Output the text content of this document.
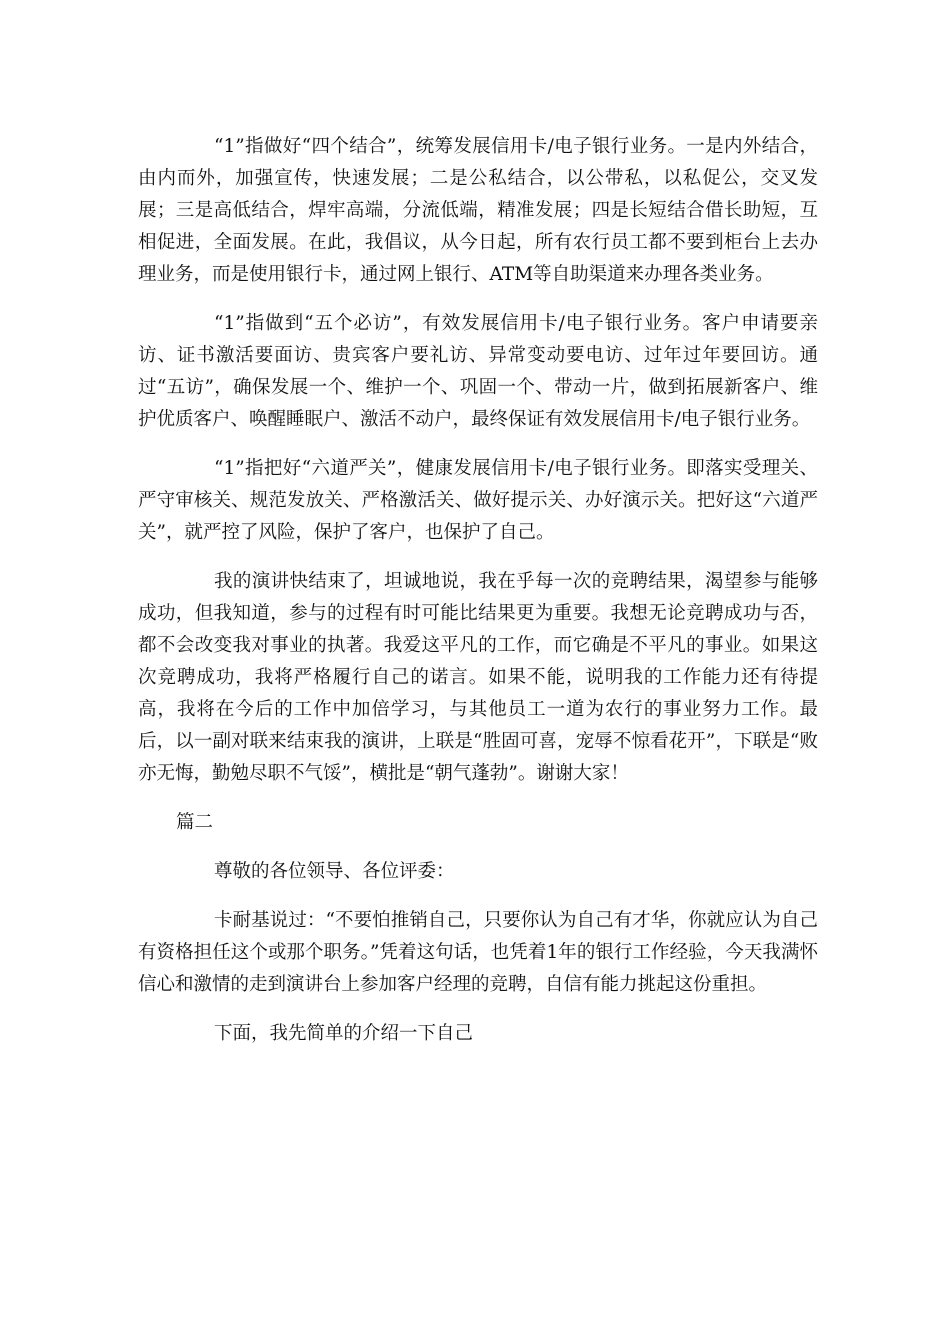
“1”指做好“四个结合”，统筹发展信用卡/电子银行业务。一是内外结合，由内而外，加强宣传，快速发展；二是公私结合，以公带私，以私促公，交叉发展；三是高低结合，焊牢高端，分流低端，精准发展；四是长短结合借长助短，互相促进，全面发展。在此，我倡议，从今日起，所有农行员工都不要到柜台上去办理业务，而是使用银行卡，通过网上银行、ATM等自助渠道来办理各类业务。

“1”指做到“五个必访”，有效发展信用卡/电子银行业务。客户申请要亲访、证书激活要面访、贵宾客户要礼访、异常变动要电访、过年过年要回访。通过“五访”，确保发展一个、维护一个、巩固一个、带动一片，做到拓展新客户、维护优质客户、唤醒睡眠户、激活不动户，最终保证有效发展信用卡/电子银行业务。

“1”指把好“六道严关”，健康发展信用卡/电子银行业务。即落实受理关、严守审核关、规范发放关、严格激活关、做好提示关、办好演示关。把好这“六道严关”，就严控了风险，保护了客户，也保护了自己。

我的演讲快结束了，坦诚地说，我在乎每一次的竞聘结果，渴望参与能够成功，但我知道，参与的过程有时可能比结果更为重要。我想无论竞聘成功与否，都不会改变我对事业的执著。我爱这平凡的工作，而它确是不平凡的事业。如果这次竞聘成功，我将严格履行自己的诺言。如果不能，说明我的工作能力还有待提高，我将在今后的工作中加倍学习，与其他员工一道为农行的事业努力工作。最后，以一副对联来结束我的演讲，上联是“胜固可喜，宠辱不惊看花开”，下联是“败亦无悔，勤勉尽职不气馁”，横批是“朝气蓬勃”。谢谢大家！

篇二

尊敬的各位领导、各位评委：

卡耐基说过：“不要怕推销自己，只要你认为自己有才华，你就应认为自己有资格担任这个或那个职务。”凭着这句话，也凭着1年的银行工作经验，今天我满怀信心和激情的走到演讲台上参加客户经理的竞聘，自信有能力挑起这份重担。

下面，我先简单的介绍一下自己
